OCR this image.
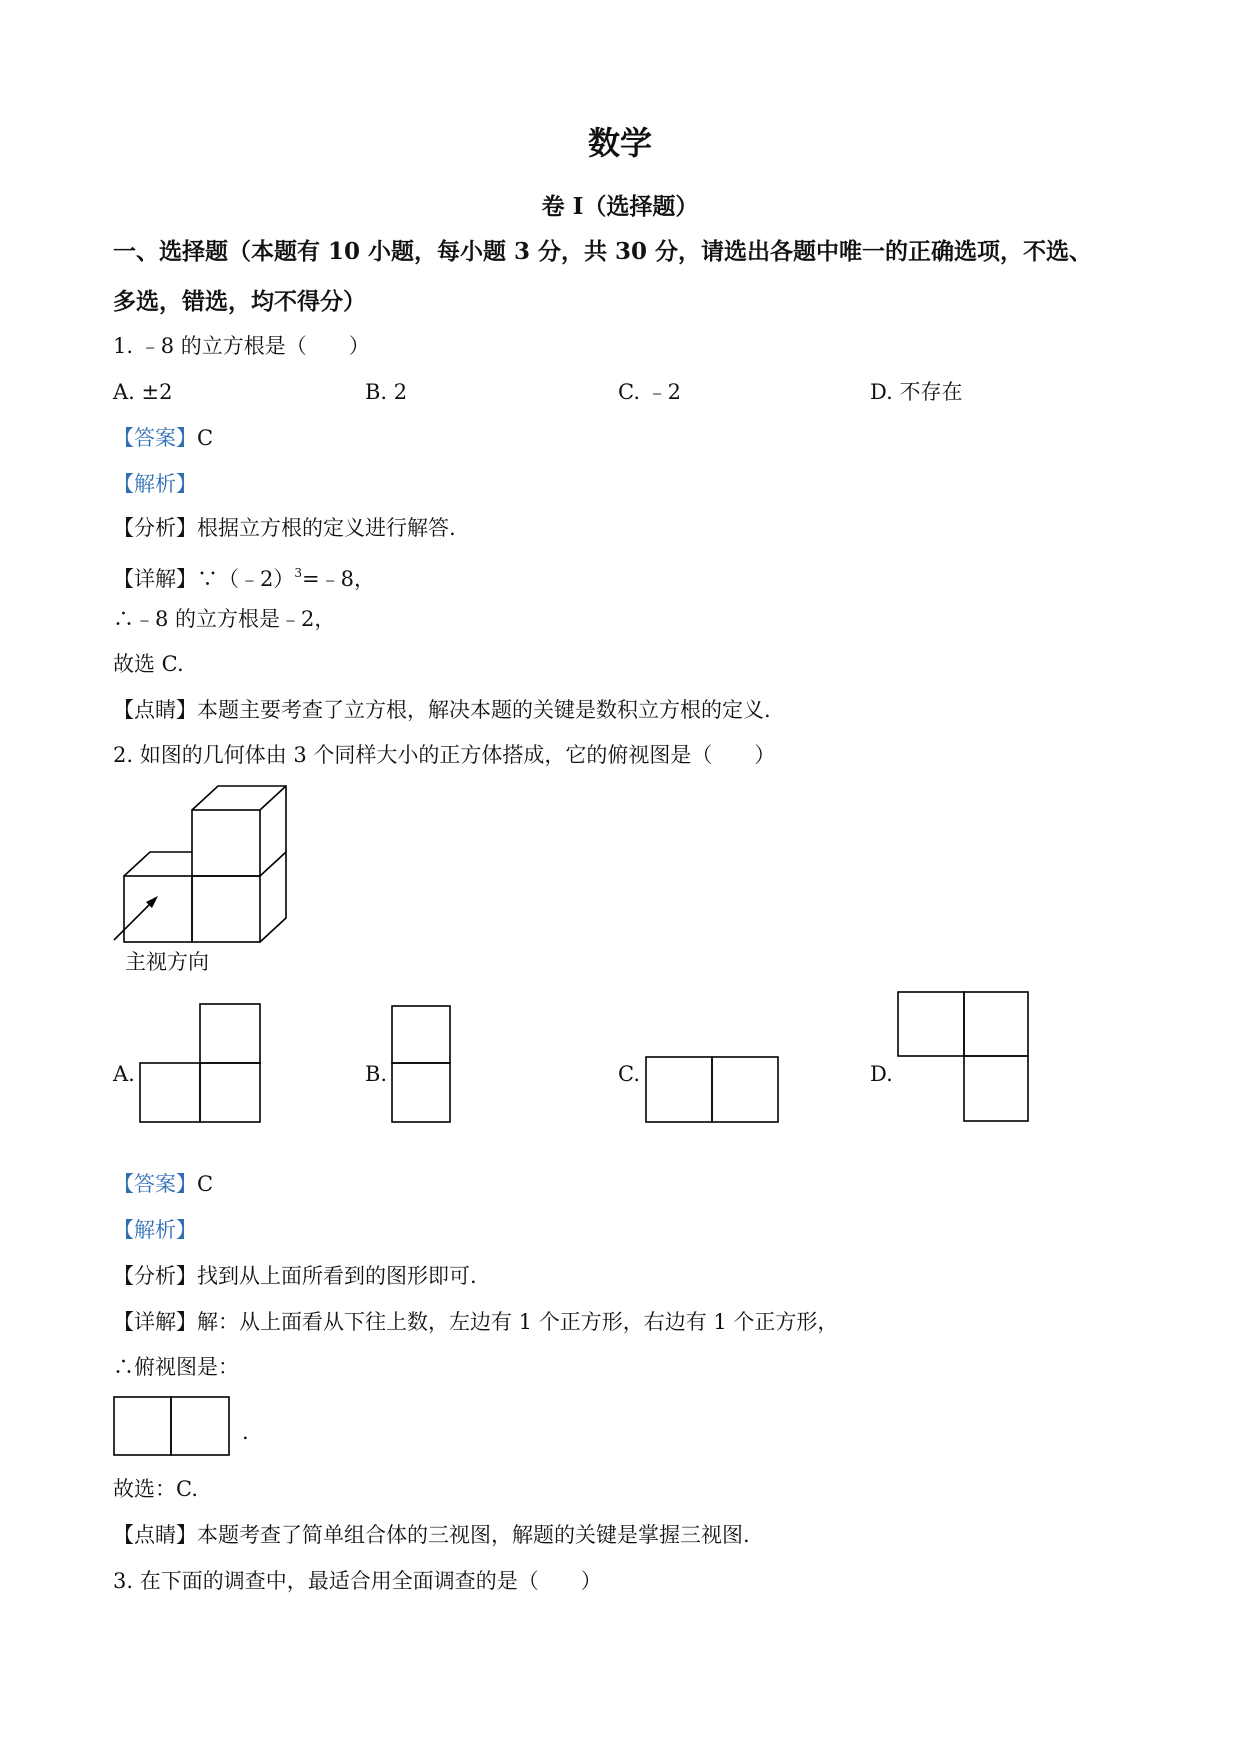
数学
卷 I（选择题）
一、选择题（本题有 10 小题，每小题 3 分，共 30 分，请选出各题中唯一的正确选项，不选、
多选，错选，均不得分）
1. ﹣8 的立方根是（　　）
A. ±2	B. 2	C. ﹣2	D. 不存在
【答案】C
【解析】
【分析】根据立方根的定义进行解答.
【详解】∵（﹣2）$^3$=﹣8，
∴﹣8 的立方根是﹣2，
故选 C.
【点睛】本题主要考查了立方根，解决本题的关键是数积立方根的定义.
2. 如图的几何体由 3 个同样大小的正方体搭成，它的俯视图是（　　）
主视方向
A.	B.	C.	D.
【答案】C
【解析】
【分析】找到从上面所看到的图形即可.
【详解】解：从上面看从下往上数，左边有 1 个正方形，右边有 1 个正方形，
∴俯视图是：
.
故选：C.
【点睛】本题考查了简单组合体的三视图，解题的关键是掌握三视图.
3. 在下面的调查中，最适合用全面调查的是（　　）
